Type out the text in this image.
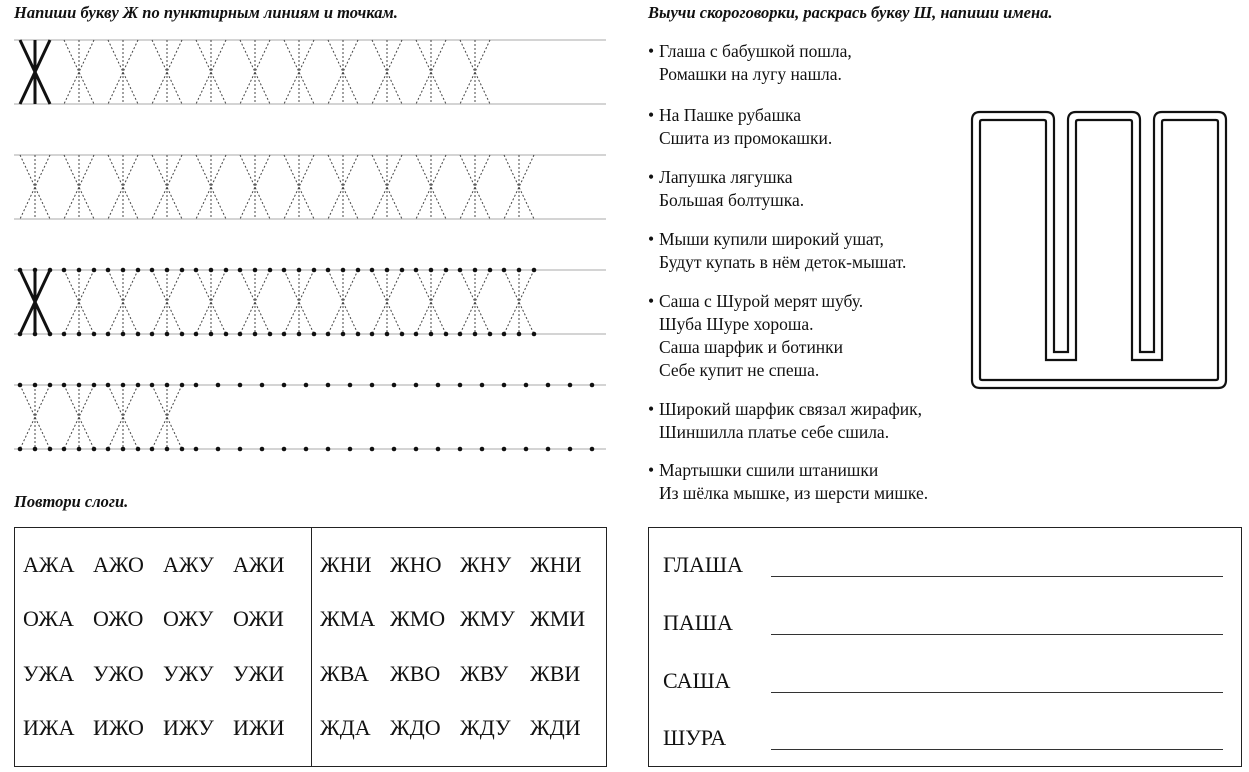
Напиши букву Ж по пунктирным линиям и точкам.
Повтори слоги.
АЖА АЖО АЖУ АЖИ
ОЖА ОЖО ОЖУ ОЖИ
УЖА УЖО УЖУ УЖИ
ИЖА ИЖО ИЖУ ИЖИ
ЖНИ ЖНО ЖНУ ЖНИ
ЖМА ЖМО ЖМУ ЖМИ
ЖВА ЖВО ЖВУ ЖВИ
ЖДА ЖДО ЖДУ ЖДИ
Выучи скороговорки, раскрась букву Ш, напиши имена.
• Глаша с бабушкой пошла,
Ромашки на лугу нашла.
• На Пашке рубашка
Сшита из промокашки.
• Лапушка лягушка
Большая болтушка.
• Мыши купили широкий ушат,
Будут купать в нём деток-мышат.
• Саша с Шурой мерят шубу.
Шуба Шуре хороша.
Саша шарфик и ботинки
Себе купит не спеша.
• Широкий шарфик связал жирафик,
Шиншилла платье себе сшила.
• Мартышки сшили штанишки
Из шёлка мышке, из шерсти мишке.
ГЛАША
ПАША
САША
ШУРА
